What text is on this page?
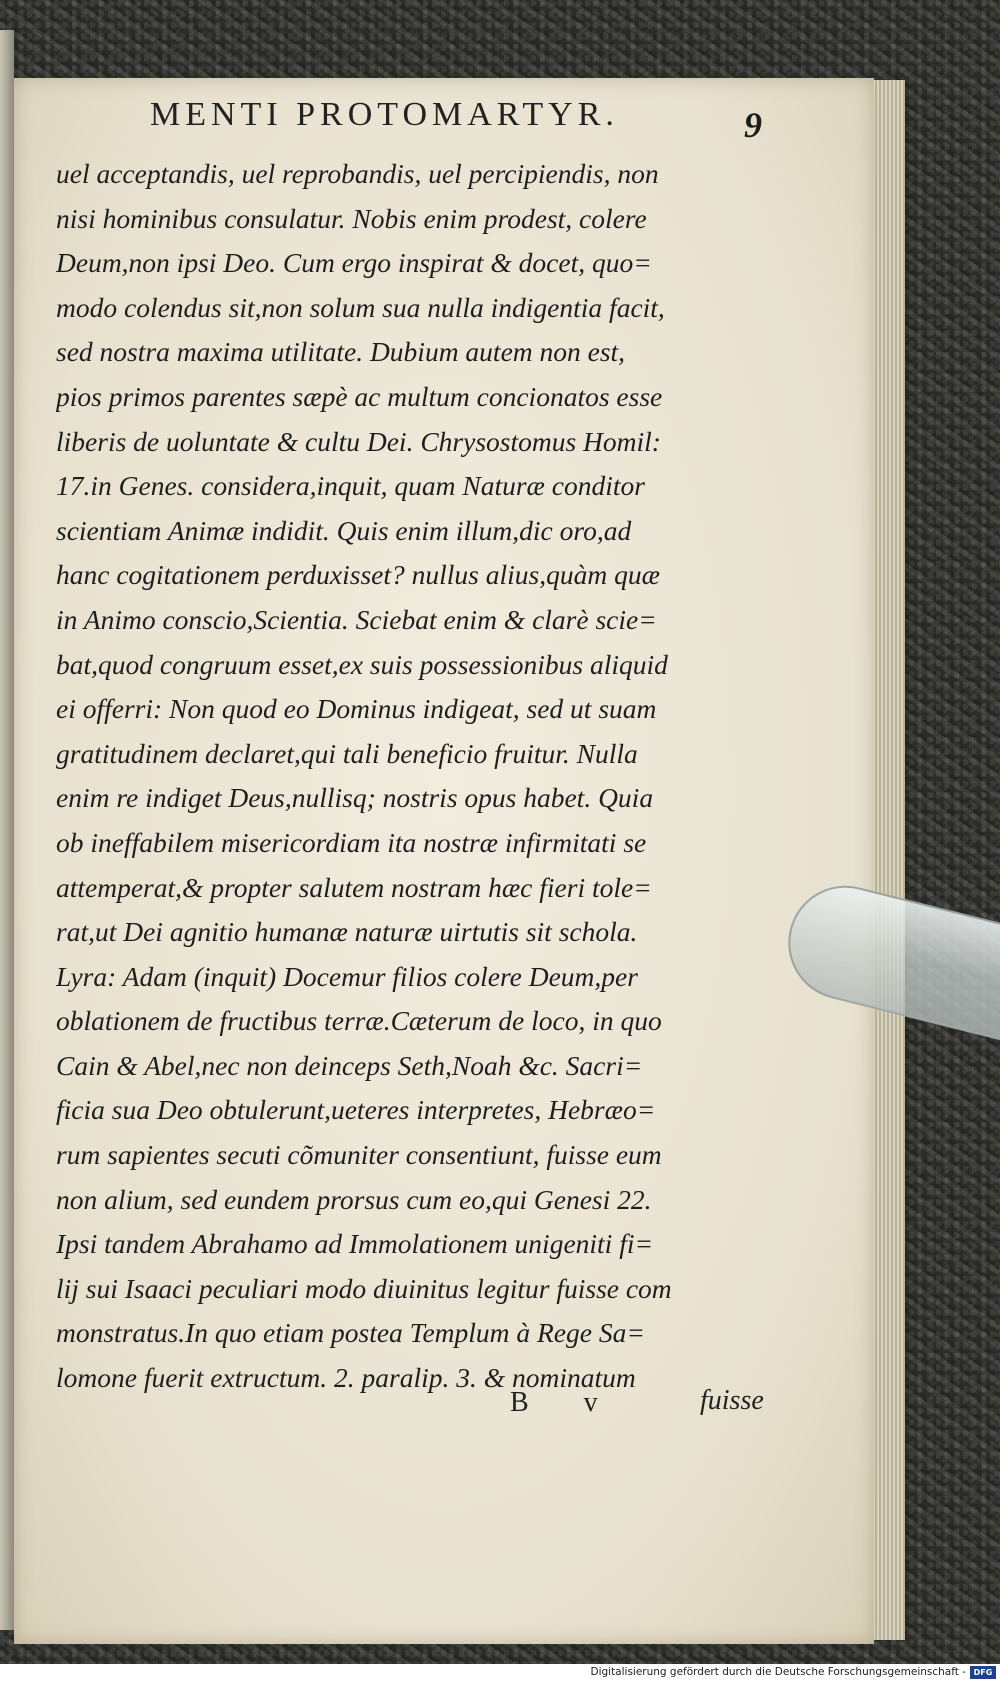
MENTI PROTOMARTYR.	9
uel acceptandis, uel reprobandis, uel percipiendis, non
nisi hominibus consulatur. Nobis enim prodest, colere
Deum,non ipsi Deo. Cum ergo inspirat & docet, quo=
modo colendus sit,non solum sua nulla indigentia facit,
sed nostra maxima utilitate. Dubium autem non est,
pios primos parentes sæpè ac multum concionatos esse
liberis de uoluntate & cultu Dei. Chrysostomus Homil:
17.in Genes. considera,inquit, quam Naturæ conditor
scientiam Animæ indidit. Quis enim illum,dic oro,ad
hanc cogitationem perduxisset? nullus alius,quàm quæ
in Animo conscio,Scientia. Sciebat enim & clarè scie=
bat,quod congruum esset,ex suis possessionibus aliquid
ei offerri: Non quod eo Dominus indigeat, sed ut suam
gratitudinem declaret,qui tali beneficio fruitur. Nulla
enim re indiget Deus,nullisq; nostris opus habet. Quia
ob ineffabilem misericordiam ita nostræ infirmitati se
attemperat,& propter salutem nostram hæc fieri tole=
rat,ut Dei agnitio humanæ naturæ uirtutis sit schola.
Lyra: Adam (inquit) Docemur filios colere Deum,per
oblationem de fructibus terræ.Cæterum de loco, in quo
Cain & Abel,nec non deinceps Seth,Noah &c. Sacri=
ficia sua Deo obtulerunt,ueteres interpretes, Hebræo=
rum sapientes secuti cõmuniter consentiunt, fuisse eum
non alium, sed eundem prorsus cum eo,qui Genesi 22.
Ipsi tandem Abrahamo ad Immolationem unigeniti fi=
lij sui Isaaci peculiari modo diuinitus legitur fuisse com
monstratus.In quo etiam postea Templum à Rege Sa=
lomone fuerit extructum. 2. paralip. 3. & nominatum
B v	fuisse
Digitalisierung gefördert durch die Deutsche Forschungsgemeinschaft - DFG
